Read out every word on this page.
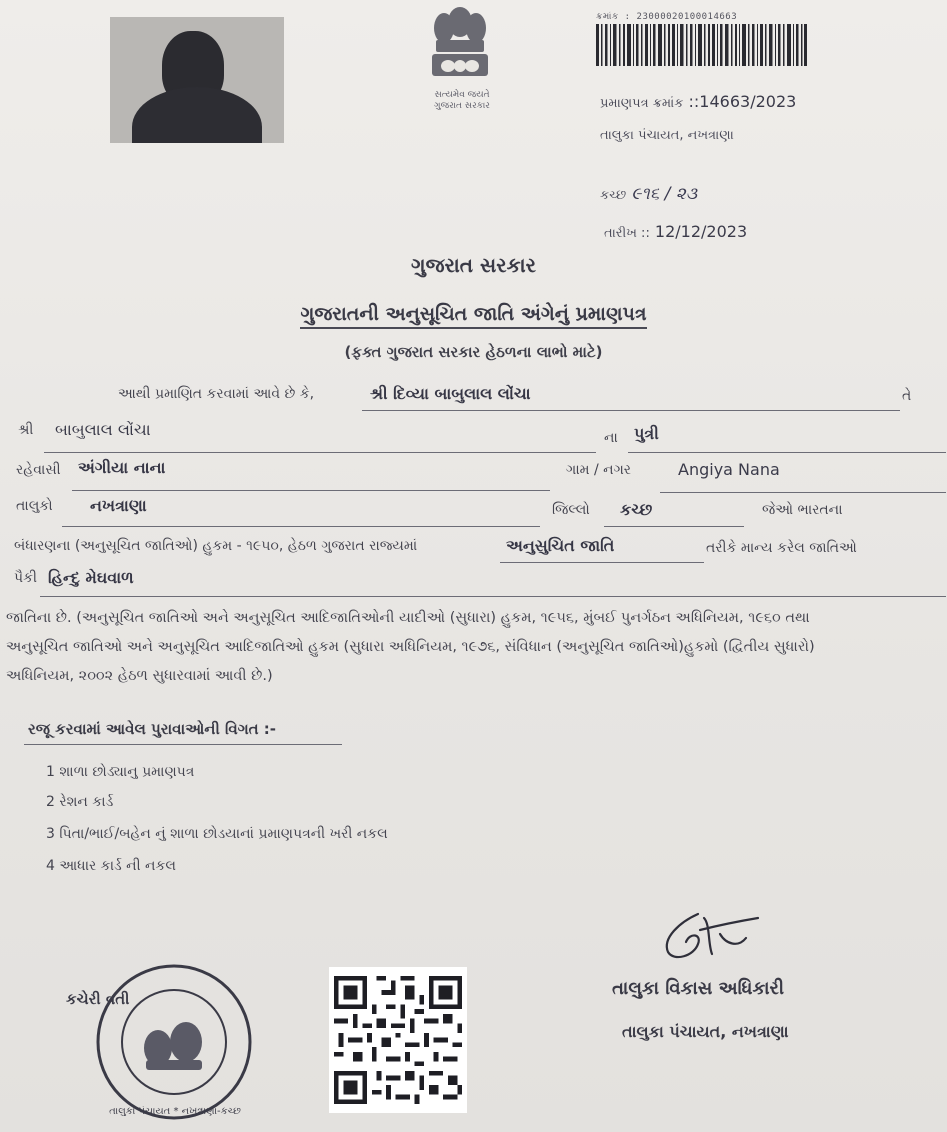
સત્યમેવ જયતે
ગુજરાત સરકાર
ક્રમાંક : 23000020100014663
પ્રમાણપત્ર ક્રમાંક ::14663/2023
તાલુકા પંચાયત, નખત્રાણા
કચ્છ ૯૧૬ / ૨૩
તારીખ :: 12/12/2023
ગુજરાત સરકાર
ગુજરાતની અનુસૂચિત જાતિ અંગેનું પ્રમાણપત્ર
(ફક્ત ગુજરાત સરકાર હેઠળના લાભો માટે)
આથી પ્રમાણિત કરવામાં આવે છે કે,	શ્રી દિવ્યા બાબુલાલ લોંચા	તે
શ્રી બાબુલાલ લોંચા	ના પુત્રી
રહેવાસી અંગીયા નાના	ગામ / નગર	Angiya Nana
તાલુકો નખત્રાણા	જિલ્લો કચ્છ	જેઓ ભારતના
બંધારણના (અનુસૂચિત જાતિઓ) હુકમ - ૧૯૫૦, હેઠળ ગુજરાત રાજ્યમાં	અનુસુચિત જાતિ	તરીકે માન્ય કરેલ જાતિઓ
પૈકી હિન્દુ મેઘવાળ
જાતિના છે. (અનુસૂચિત જાતિઓ અને અનુસૂચિત આદિજાતિઓની યાદીઓ (સુધારા) હુકમ, ૧૯૫૬, મુંબઈ પુનર્ગઠન અધિનિયમ, ૧૯૬૦ તથા
અનુસૂચિત જાતિઓ અને અનુસૂચિત આદિજાતિઓ હુકમ (સુધારા અધિનિયમ, ૧૯૭૬, સંવિધાન (અનુસૂચિત જાતિઓ)હુકમો (દ્વિતીય સુધારો)
અધિનિયમ, ૨૦૦૨ હેઠળ સુધારવામાં આવી છે.)
રજૂ કરવામાં આવેલ પુરાવાઓની વિગત :-
1 શાળા છોડ્યાનુ પ્રમાણપત્ર
2 રેશન કાર્ડ
3 પિતા/ભાઈ/બહેન નું શાળા છોડયાનાં પ્રમાણપત્રની ખરી નકલ
4 આધાર કાર્ડ ની નકલ
તાલુકા વિકાસ અધિકારી
તાલુકા પંચાયત, નખત્રાણા
કચેરી વતી
તાલુકા પંચાયત * નખત્રાણા-કચ્છ
